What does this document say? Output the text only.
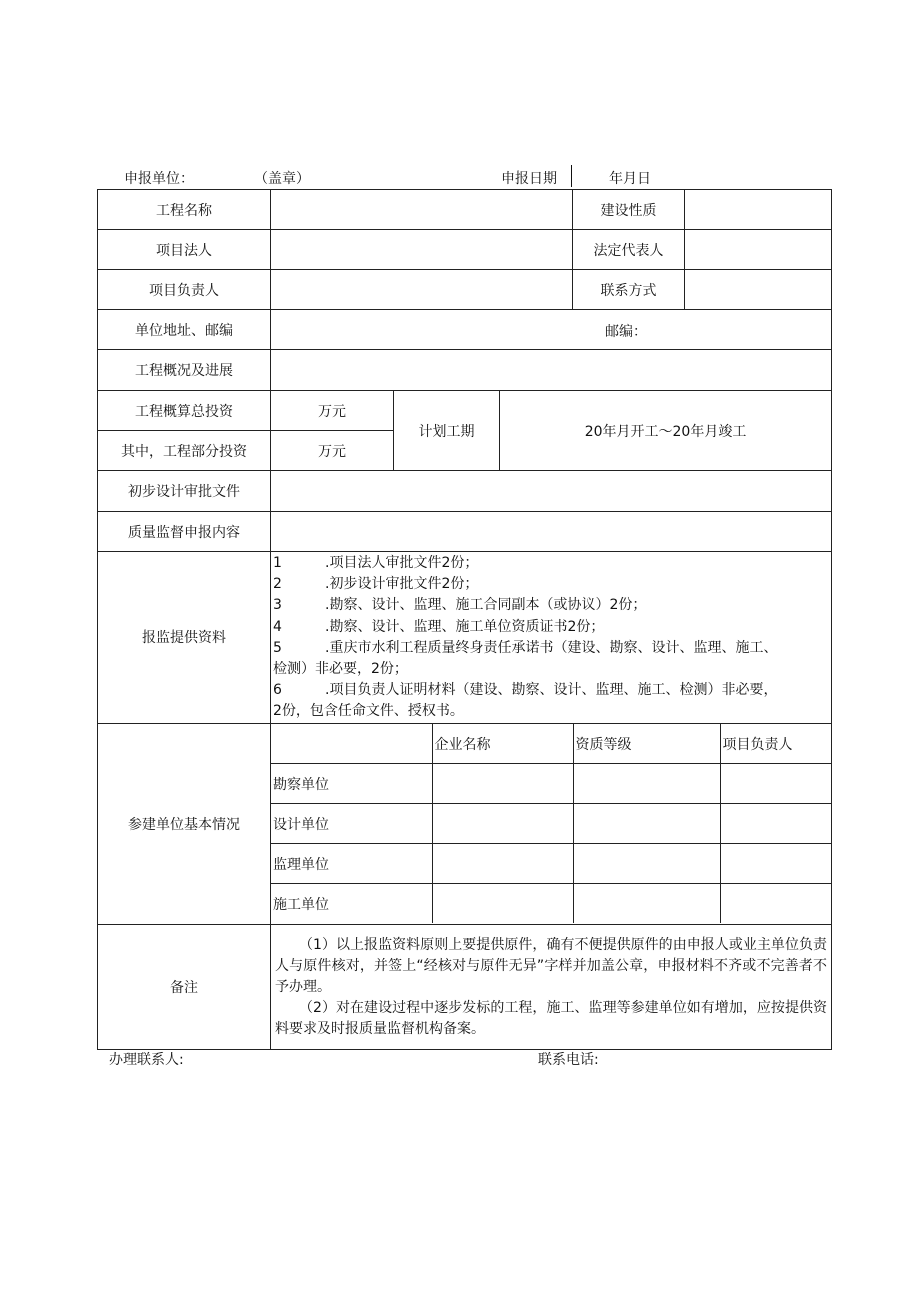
申报单位：	（盖章）	申报日期	年月日
工程名称		建设性质	
项目法人		法定代表人	
项目负责人		联系方式	
单位地址、邮编	邮编：

工程概况及进展	
工程概算总投资	万元	计划工期	20年月开工～20年月竣工
其中，工程部分投资	万元
初步设计审批文件	
质量监督申报内容	
报监提供资料	
1	.项目法人审批文件2份；
2	.初步设计审批文件2份；
3	.勘察、设计、监理、施工合同副本（或协议）2份；
4	.勘察、设计、监理、施工单位资质证书2份；
5	.重庆市水利工程质量终身责任承诺书（建设、勘察、设计、监理、施工、
检测）非必要，2份；
6	.项目负责人证明材料（建设、勘察、设计、监理、施工、检测）非必要，
2份，包含任命文件、授权书。

参建单位基本情况	
	企业名称	资质等级	项目负责人
勘察单位			
设计单位			
监理单位			
施工单位			

备注	

（1）以上报监资料原则上要提供原件，确有不便提供原件的由申报人或业主单位负责人与原件核对，并签上“经核对与原件无异”字样并加盖公章，申报材料不齐或不完善者不予办理。

（2）对在建设过程中逐步发标的工程，施工、监理等参建单位如有增加，应按提供资料要求及时报质量监督机构备案。

办理联系人:	联系电话:
